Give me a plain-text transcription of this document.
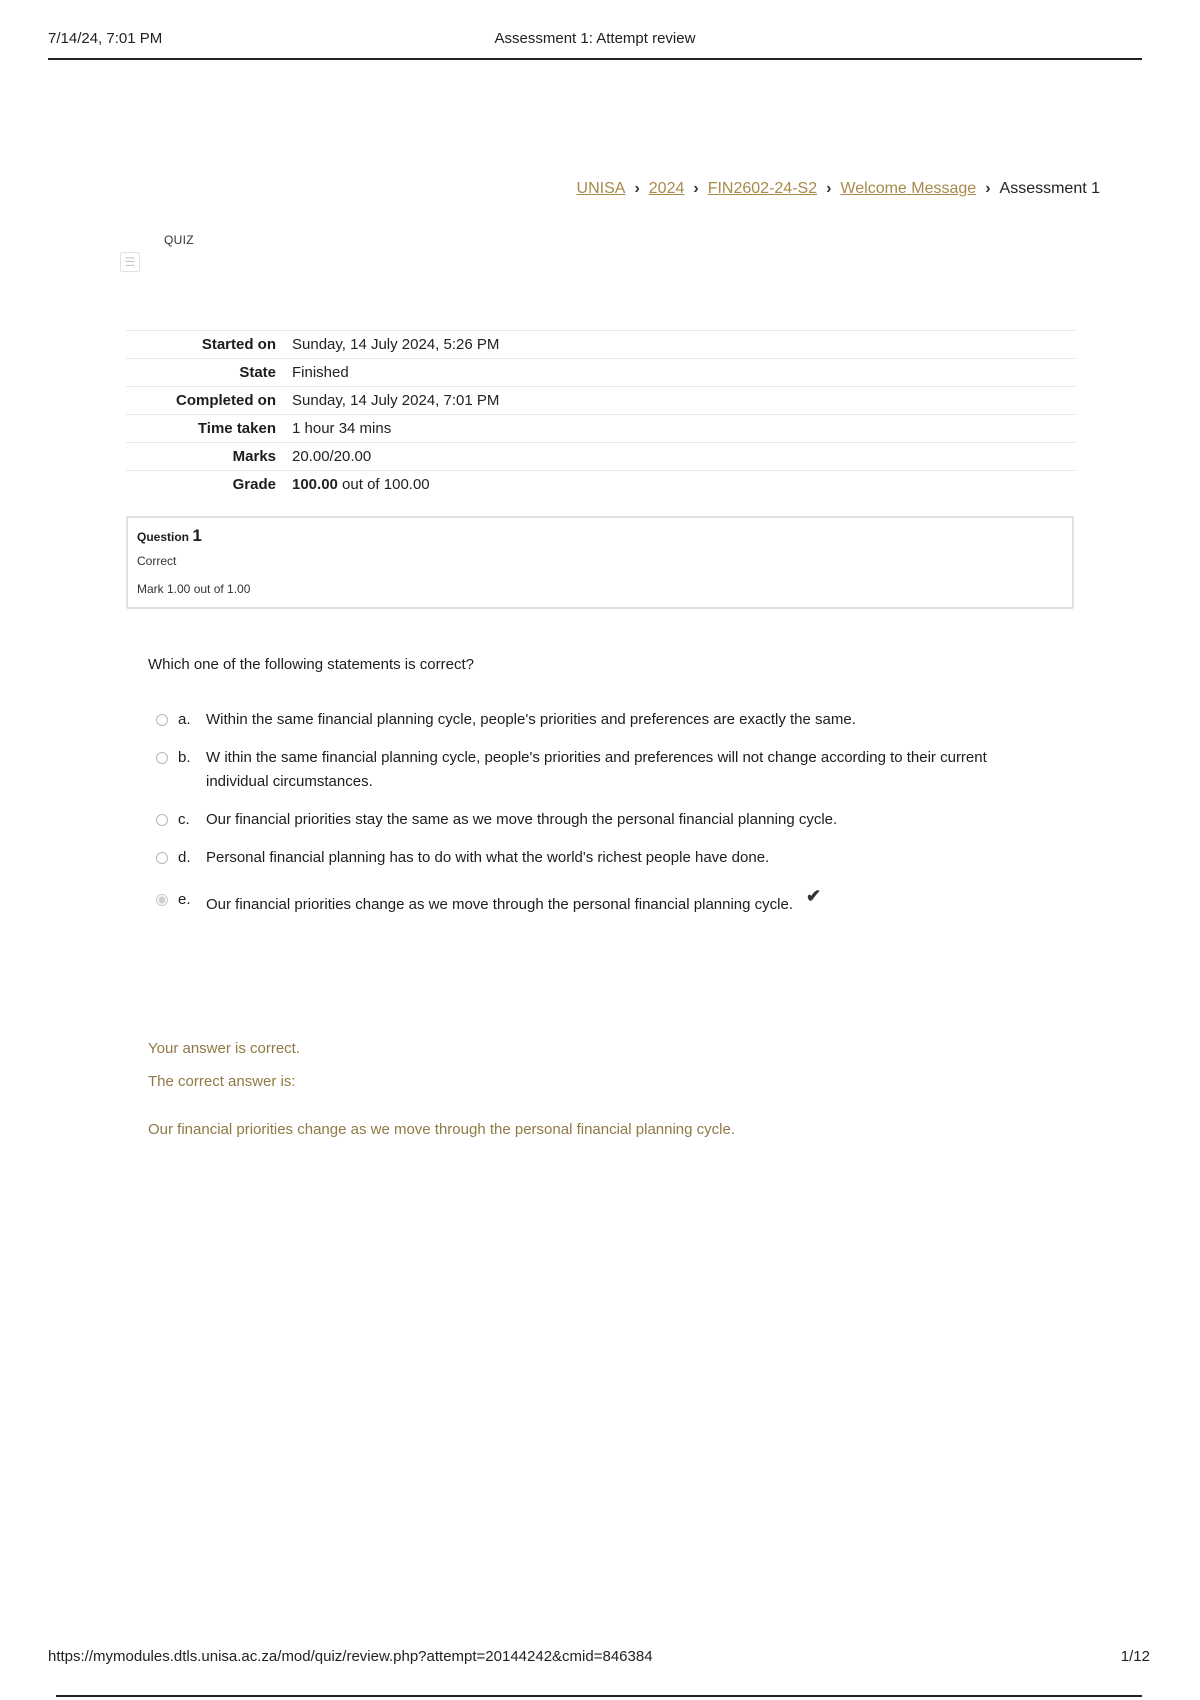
7/14/24, 7:01 PM	Assessment 1: Attempt review
UNISA › 2024 › FIN2602-24-S2 › Welcome Message › Assessment 1
☰
QUIZ
Started on	Sunday, 14 July 2024, 5:26 PM
State	Finished
Completed on	Sunday, 14 July 2024, 7:01 PM
Time taken	1 hour 34 mins
Marks	20.00/20.00
Grade	100.00 out of 100.00
Question 1
Correct
Mark 1.00 out of 1.00
Which one of the following statements is correct?
a.	Within the same financial planning cycle, people's priorities and preferences are exactly the same.
b.	W ithin the same financial planning cycle, people's priorities and preferences will not change according to their current individual circumstances.
c.	Our financial priorities stay the same as we move through the personal financial planning cycle.
d.	Personal financial planning has to do with what the world's richest people have done.
e.	Our financial priorities change as we move through the personal financial planning cycle. ✔

Your answer is correct.

The correct answer is:

Our financial priorities change as we move through the personal financial planning cycle.

https://mymodules.dtls.unisa.ac.za/mod/quiz/review.php?attempt=20144242&cmid=846384	1/12
